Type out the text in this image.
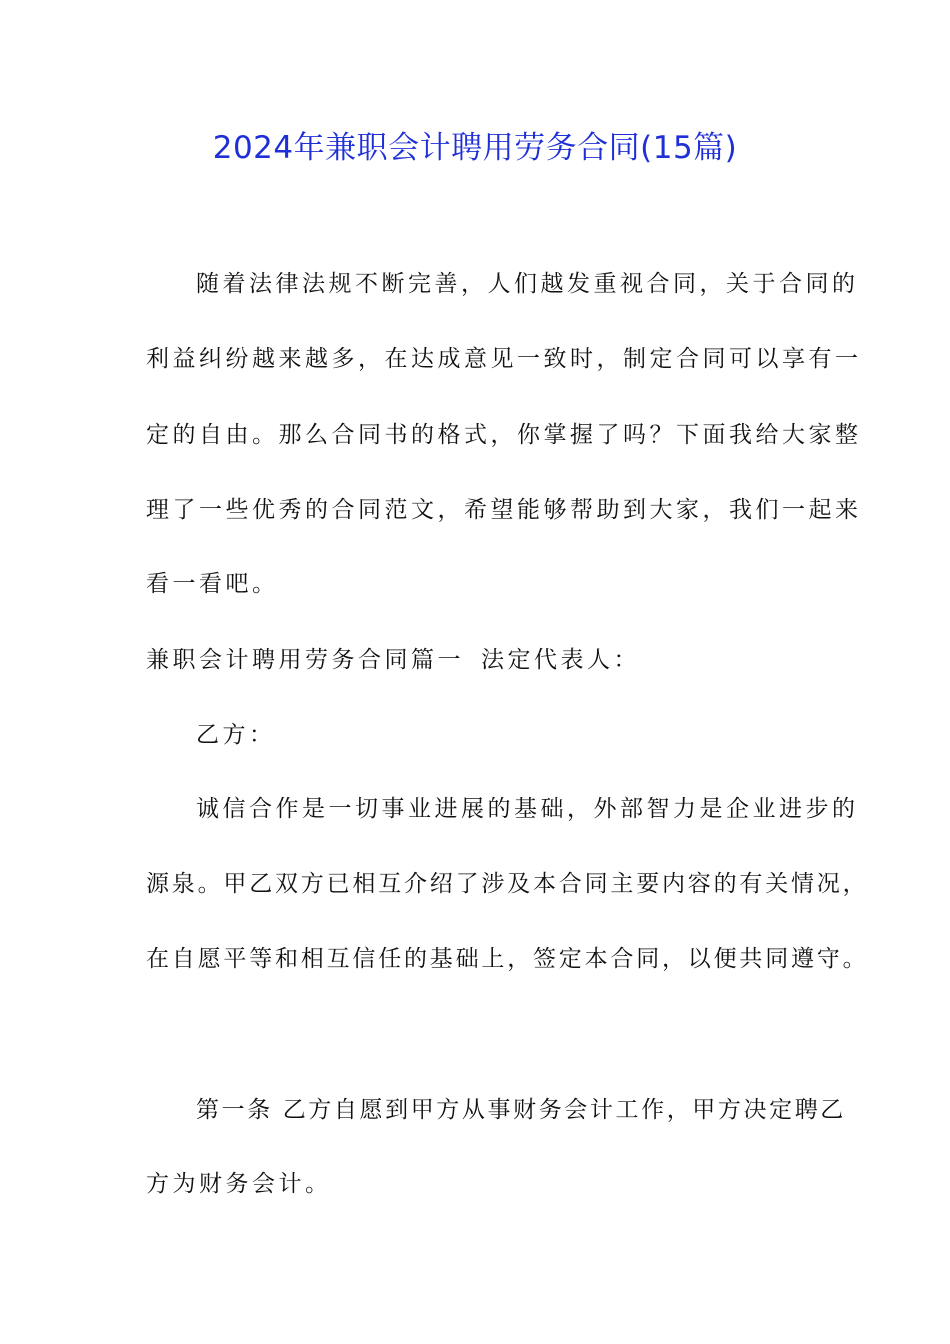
2024年兼职会计聘用劳务合同(15篇)
随着法律法规不断完善，人们越发重视合同，关于合同的
利益纠纷越来越多，在达成意见一致时，制定合同可以享有一
定的自由。那么合同书的格式，你掌握了吗？下面我给大家整
理了一些优秀的合同范文，希望能够帮助到大家，我们一起来
看一看吧。
兼职会计聘用劳务合同篇一 法定代表人：
乙方：
诚信合作是一切事业进展的基础，外部智力是企业进步的
源泉。甲乙双方已相互介绍了涉及本合同主要内容的有关情况，
在自愿平等和相互信任的基础上，签定本合同，以便共同遵守。
第一条 乙方自愿到甲方从事财务会计工作，甲方决定聘乙
方为财务会计。
